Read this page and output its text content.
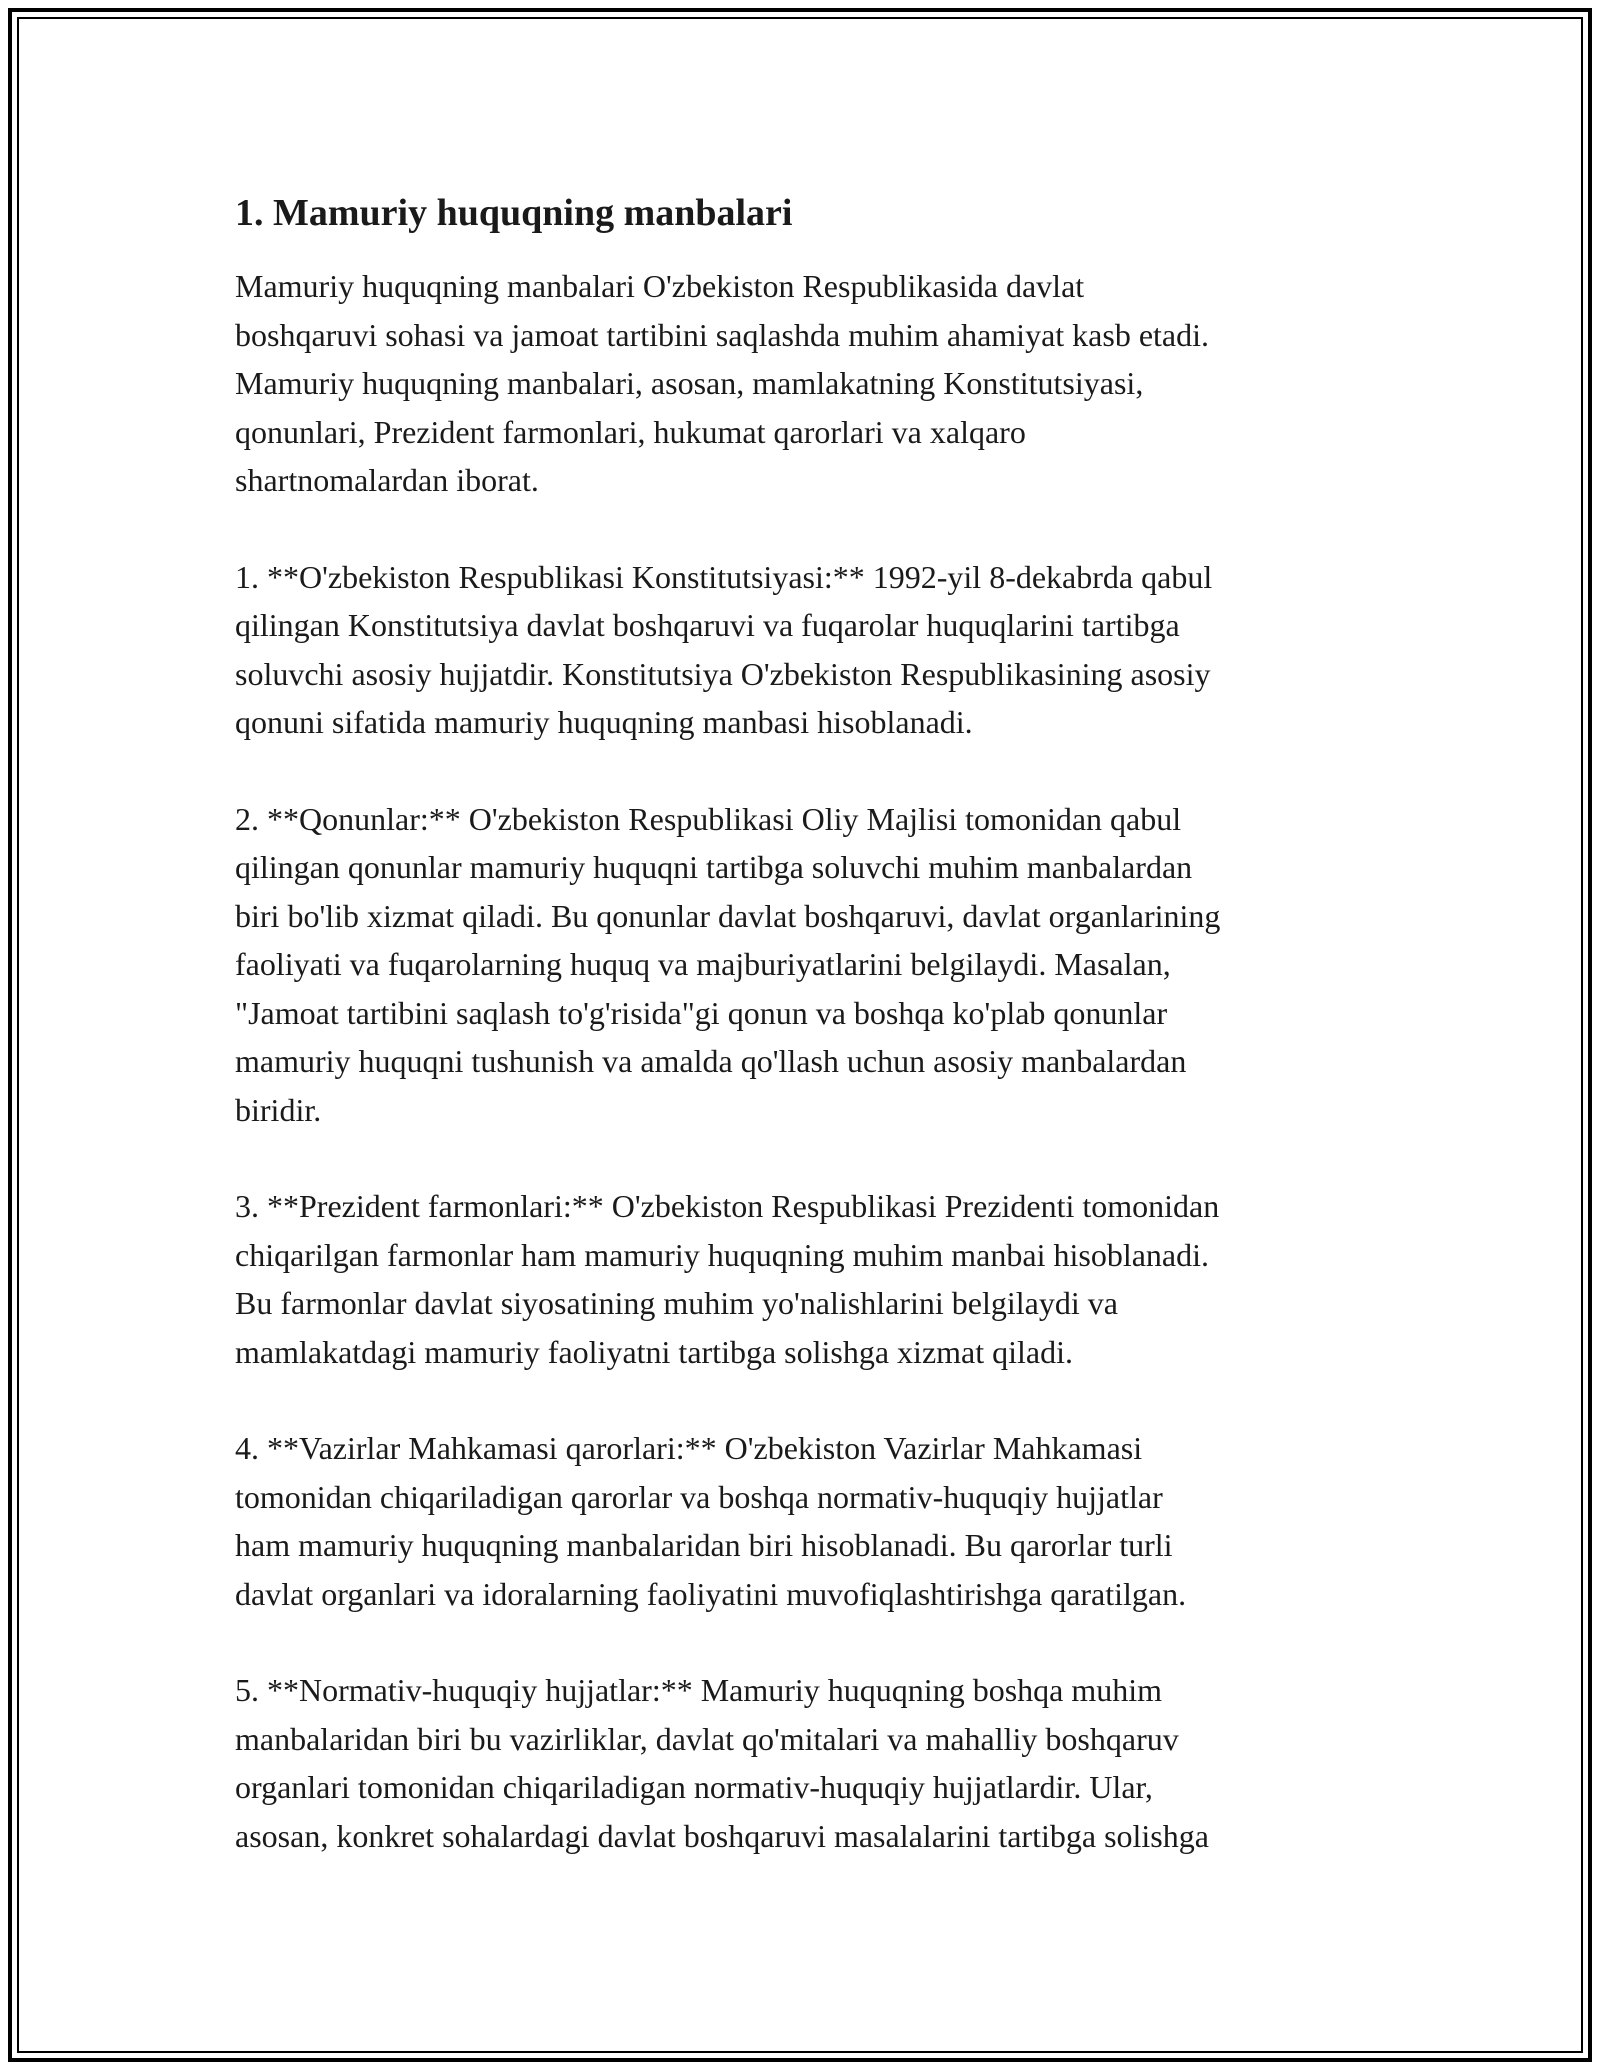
1. Mamuriy huquqning manbalari

Mamuriy huquqning manbalari O'zbekiston Respublikasida davlat
boshqaruvi sohasi va jamoat tartibini saqlashda muhim ahamiyat kasb etadi.
Mamuriy huquqning manbalari, asosan, mamlakatning Konstitutsiyasi,
qonunlari, Prezident farmonlari, hukumat qarorlari va xalqaro
shartnomalardan iborat.

1. **O'zbekiston Respublikasi Konstitutsiyasi:** 1992-yil 8-dekabrda qabul
qilingan Konstitutsiya davlat boshqaruvi va fuqarolar huquqlarini tartibga
soluvchi asosiy hujjatdir. Konstitutsiya O'zbekiston Respublikasining asosiy
qonuni sifatida mamuriy huquqning manbasi hisoblanadi.

2. **Qonunlar:** O'zbekiston Respublikasi Oliy Majlisi tomonidan qabul
qilingan qonunlar mamuriy huquqni tartibga soluvchi muhim manbalardan
biri bo'lib xizmat qiladi. Bu qonunlar davlat boshqaruvi, davlat organlarining
faoliyati va fuqarolarning huquq va majburiyatlarini belgilaydi. Masalan,
"Jamoat tartibini saqlash to'g'risida"gi qonun va boshqa ko'plab qonunlar
mamuriy huquqni tushunish va amalda qo'llash uchun asosiy manbalardan
biridir.

3. **Prezident farmonlari:** O'zbekiston Respublikasi Prezidenti tomonidan
chiqarilgan farmonlar ham mamuriy huquqning muhim manbai hisoblanadi.
Bu farmonlar davlat siyosatining muhim yo'nalishlarini belgilaydi va
mamlakatdagi mamuriy faoliyatni tartibga solishga xizmat qiladi.

4. **Vazirlar Mahkamasi qarorlari:** O'zbekiston Vazirlar Mahkamasi
tomonidan chiqariladigan qarorlar va boshqa normativ-huquqiy hujjatlar
ham mamuriy huquqning manbalaridan biri hisoblanadi. Bu qarorlar turli
davlat organlari va idoralarning faoliyatini muvofiqlashtirishga qaratilgan.

5. **Normativ-huquqiy hujjatlar:** Mamuriy huquqning boshqa muhim
manbalaridan biri bu vazirliklar, davlat qo'mitalari va mahalliy boshqaruv
organlari tomonidan chiqariladigan normativ-huquqiy hujjatlardir. Ular,
asosan, konkret sohalardagi davlat boshqaruvi masalalarini tartibga solishga
